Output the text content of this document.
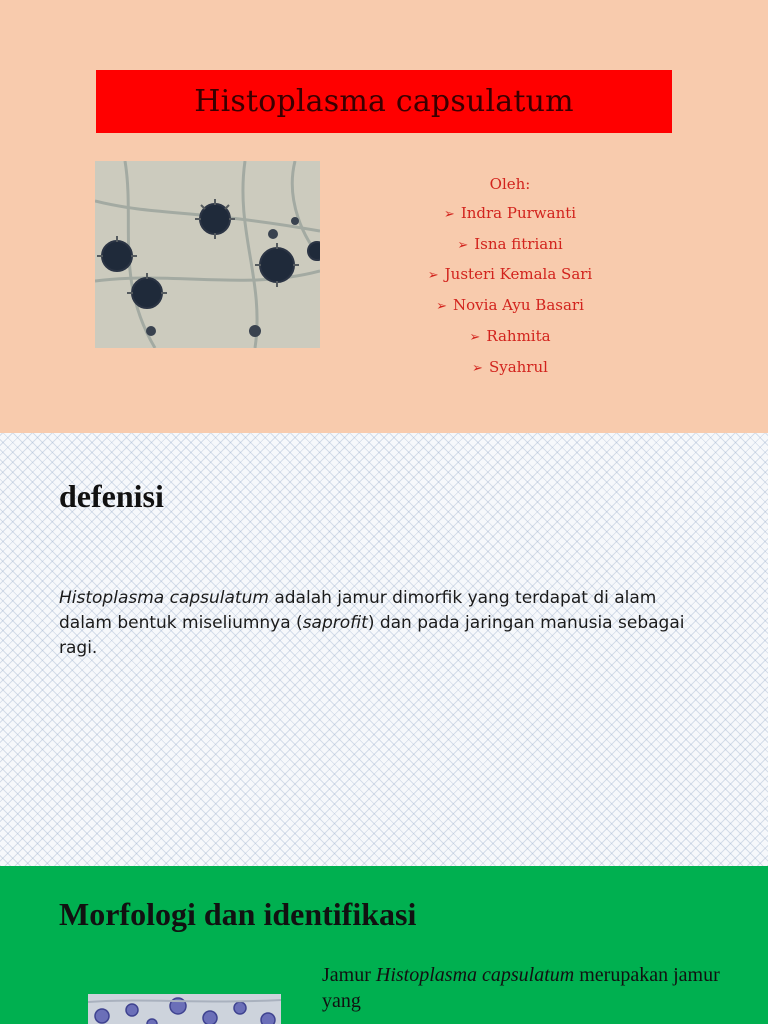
Histoplasma capsulatum
Oleh:
➢ Indra Purwanti
➢ Isna fitriani
➢ Justeri Kemala Sari
➢ Novia Ayu Basari
➢ Rahmita
➢ Syahrul
defenisi

Histoplasma capsulatum adalah jamur dimorfik yang terdapat di alam dalam bentuk miseliumnya (saprofit) dan pada jaringan manusia sebagai ragi.

Morfologi dan identifikasi

Jamur Histoplasma capsulatum merupakan jamur yang
